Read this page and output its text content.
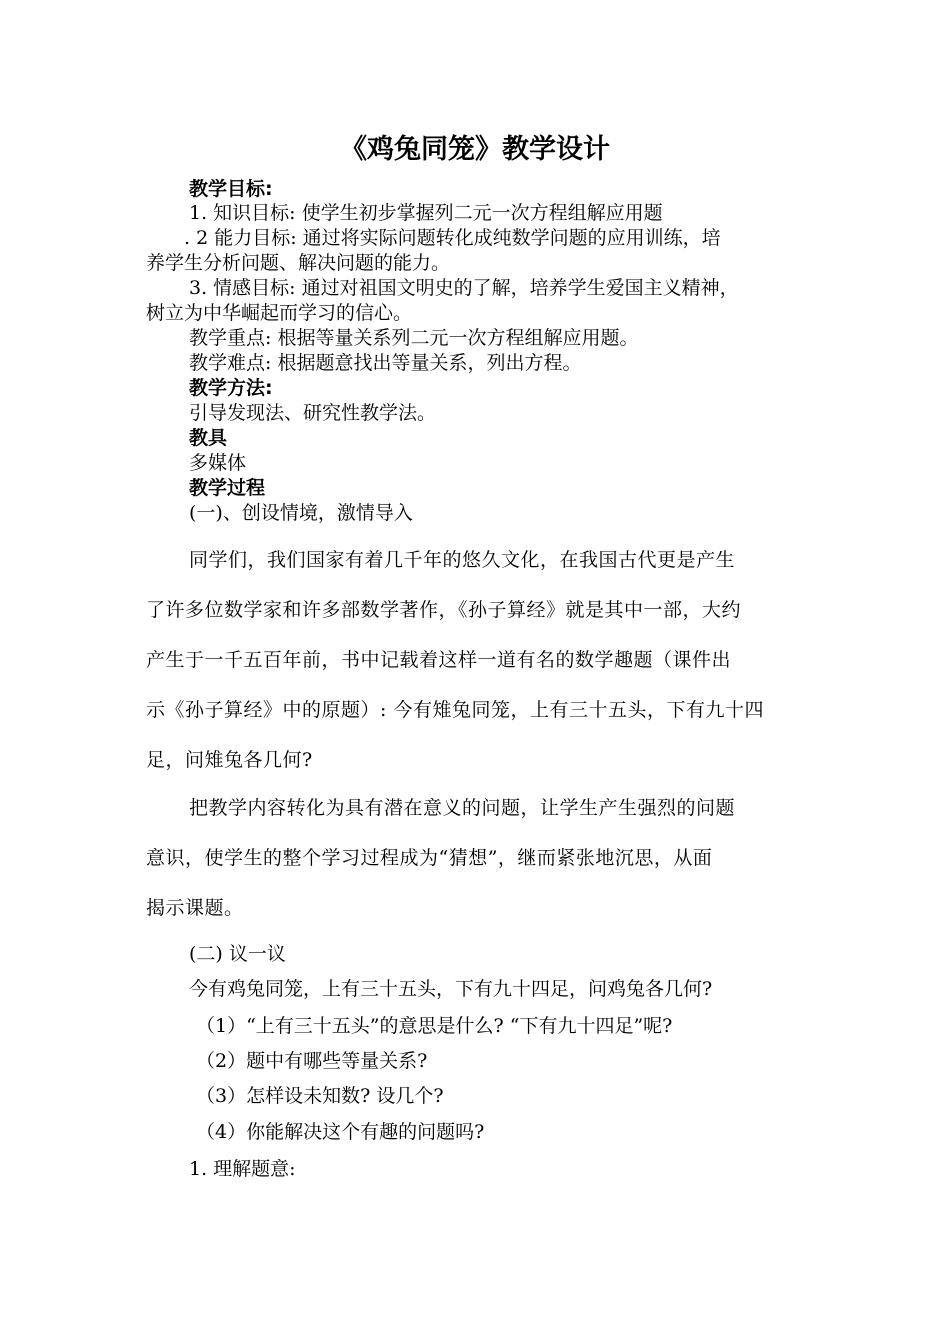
《鸡兔同笼》教学设计
教学目标:
1. 知识目标: 使学生初步掌握列二元一次方程组解应用题
. 2 能力目标: 通过将实际问题转化成纯数学问题的应用训练，培
养学生分析问题、解决问题的能力。
3. 情感目标: 通过对祖国文明史的了解，培养学生爱国主义精神，
树立为中华崛起而学习的信心。
教学重点: 根据等量关系列二元一次方程组解应用题。
教学难点: 根据题意找出等量关系，列出方程。
教学方法:
引导发现法、研究性教学法。
教具
多媒体
教学过程
(一)、创设情境，激情导入
同学们，我们国家有着几千年的悠久文化，在我国古代更是产生
了许多位数学家和许多部数学著作，《孙子算经》就是其中一部，大约
产生于一千五百年前，书中记载着这样一道有名的数学趣题（课件出
示《孙子算经》中的原题）: 今有雉兔同笼，上有三十五头，下有九十四
足，问雉兔各几何?
把教学内容转化为具有潜在意义的问题，让学生产生强烈的问题
意识，使学生的整个学习过程成为“猜想”，继而紧张地沉思，从面
揭示课题。
(二) 议一议
今有鸡兔同笼，上有三十五头，下有九十四足，问鸡兔各几何?
（1）“上有三十五头”的意思是什么? “下有九十四足”呢?
（2）题中有哪些等量关系?
（3）怎样设未知数? 设几个?
（4）你能解决这个有趣的问题吗?
1. 理解题意:
